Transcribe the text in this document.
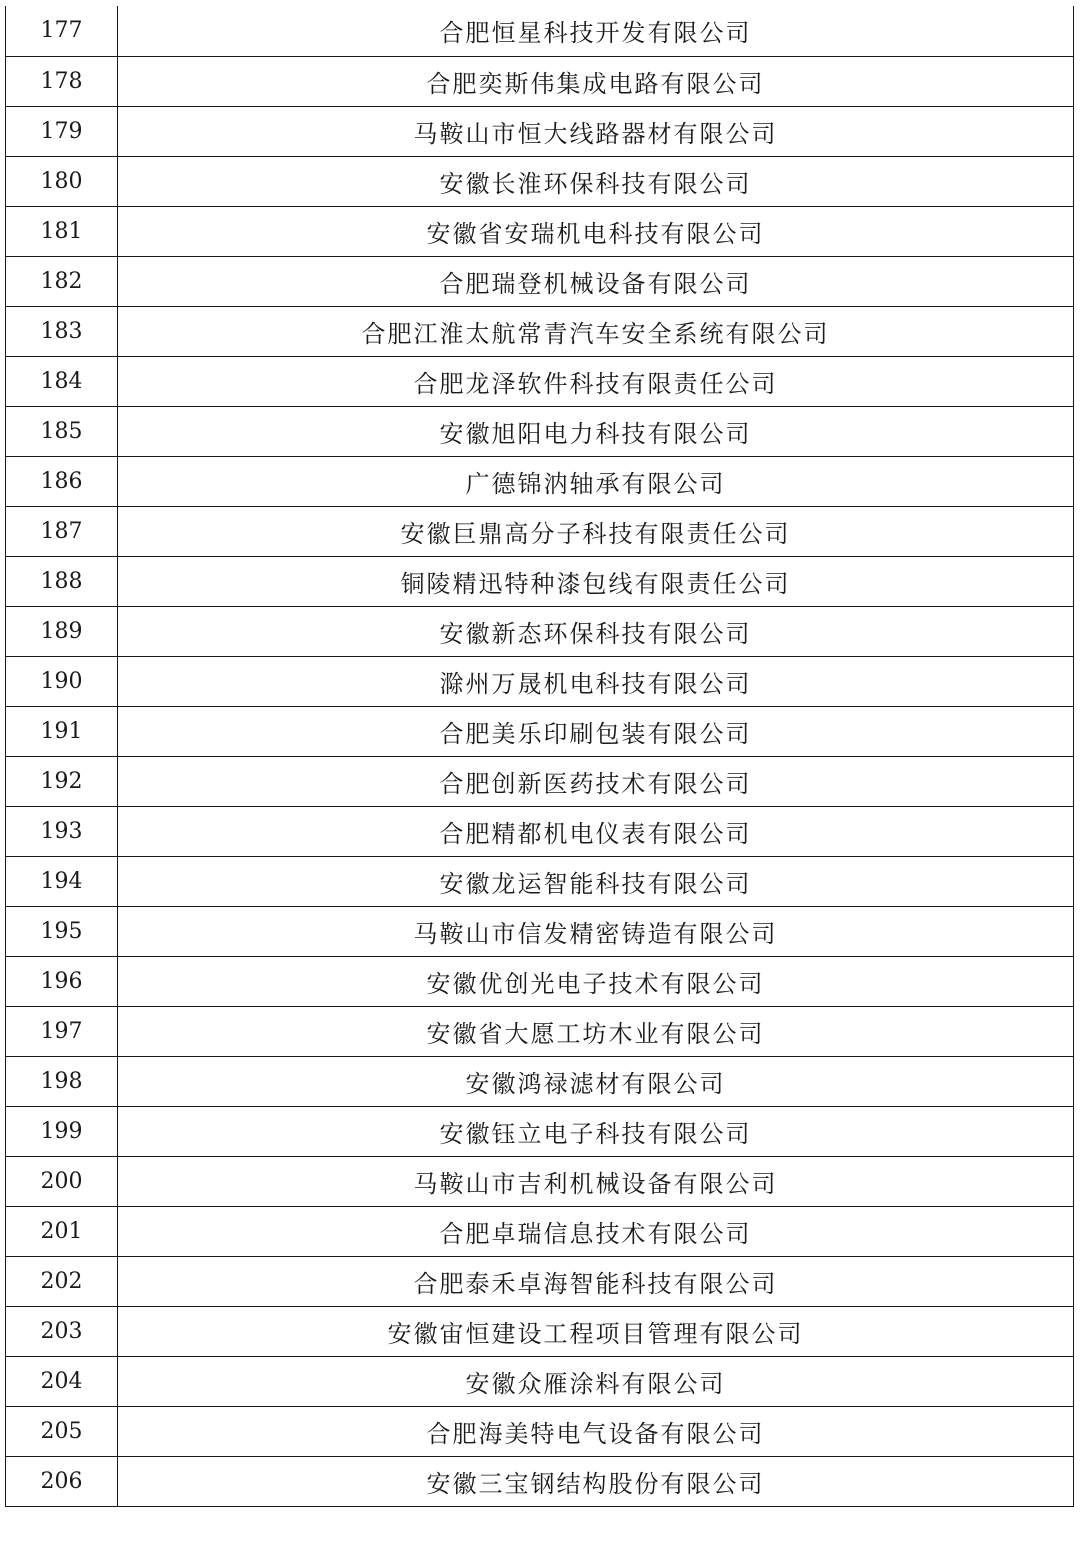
177	合肥恒星科技开发有限公司
178	合肥奕斯伟集成电路有限公司
179	马鞍山市恒大线路器材有限公司
180	安徽长淮环保科技有限公司
181	安徽省安瑞机电科技有限公司
182	合肥瑞登机械设备有限公司
183	合肥江淮太航常青汽车安全系统有限公司
184	合肥龙泽软件科技有限责任公司
185	安徽旭阳电力科技有限公司
186	广德锦汭轴承有限公司
187	安徽巨鼎高分子科技有限责任公司
188	铜陵精迅特种漆包线有限责任公司
189	安徽新态环保科技有限公司
190	滁州万晟机电科技有限公司
191	合肥美乐印刷包装有限公司
192	合肥创新医药技术有限公司
193	合肥精都机电仪表有限公司
194	安徽龙运智能科技有限公司
195	马鞍山市信发精密铸造有限公司
196	安徽优创光电子技术有限公司
197	安徽省大愿工坊木业有限公司
198	安徽鸿禄滤材有限公司
199	安徽钰立电子科技有限公司
200	马鞍山市吉利机械设备有限公司
201	合肥卓瑞信息技术有限公司
202	合肥泰禾卓海智能科技有限公司
203	安徽宙恒建设工程项目管理有限公司
204	安徽众雁涂料有限公司
205	合肥海美特电气设备有限公司
206	安徽三宝钢结构股份有限公司
